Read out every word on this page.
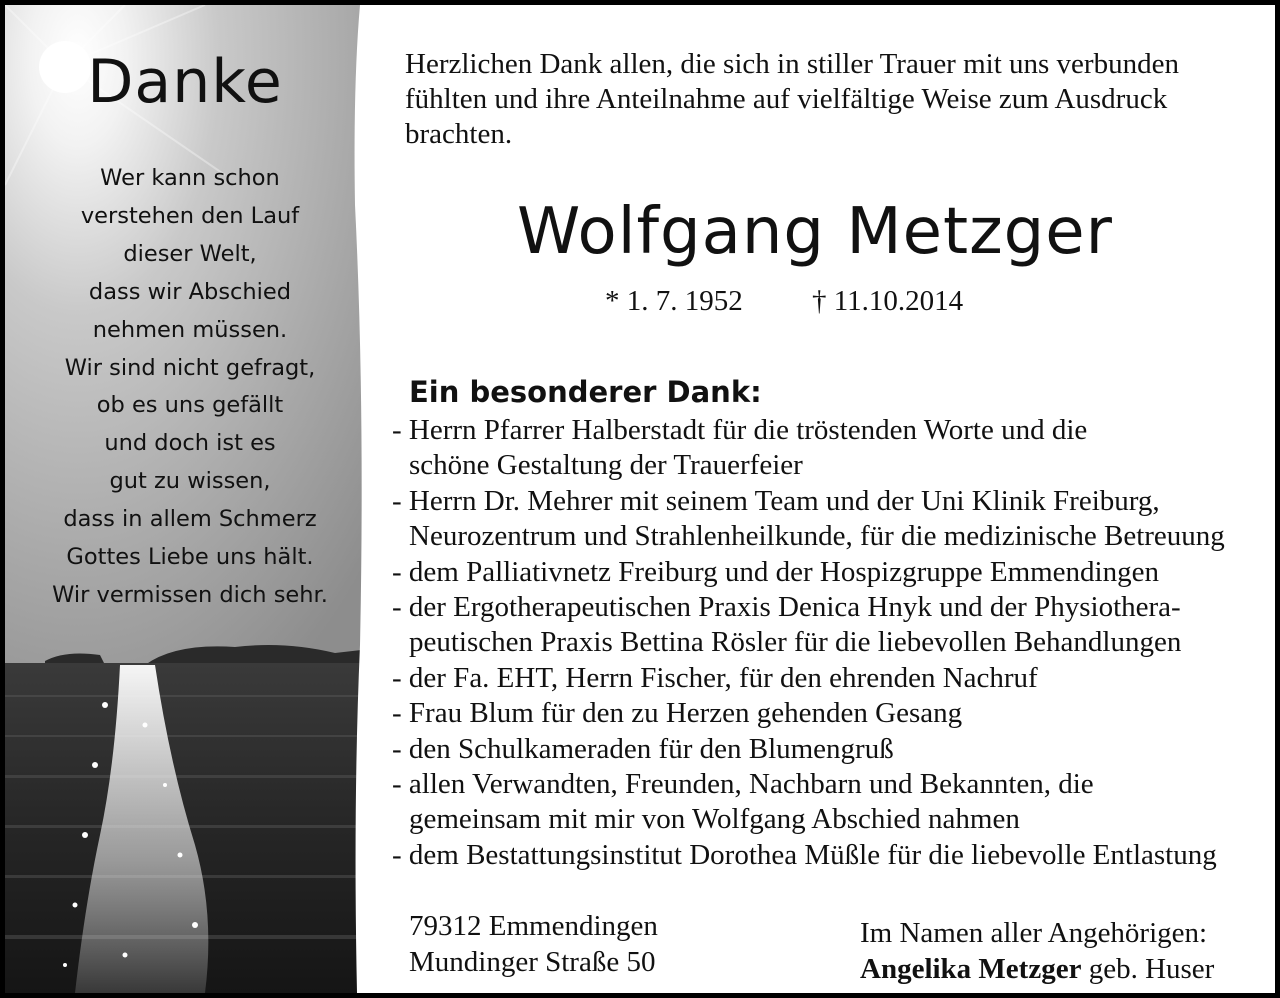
Danke
Wer kann schon
verstehen den Lauf
dieser Welt,
dass wir Abschied
nehmen müssen.
Wir sind nicht gefragt,
ob es uns gefällt
und doch ist es
gut zu wissen,
dass in allem Schmerz
Gottes Liebe uns hält.
Wir vermissen dich sehr.
Herzlichen Dank allen, die sich in stiller Trauer mit uns verbunden
fühlten und ihre Anteilnahme auf vielfältige Weise zum Ausdruck
brachten.
Wolfgang Metzger
* 1. 7. 1952 † 11.10.2014
Ein besonderer Dank:
- Herrn Pfarrer Halberstadt für die tröstenden Worte und die
schöne Gestaltung der Trauerfeier
- Herrn Dr. Mehrer mit seinem Team und der Uni Klinik Freiburg,
Neurozentrum und Strahlenheilkunde, für die medizinische Betreuung
- dem Palliativnetz Freiburg und der Hospizgruppe Emmendingen
- der Ergotherapeutischen Praxis Denica Hnyk und der Physiothera-
peutischen Praxis Bettina Rösler für die liebevollen Behandlungen
- der Fa. EHT, Herrn Fischer, für den ehrenden Nachruf
- Frau Blum für den zu Herzen gehenden Gesang
- den Schulkameraden für den Blumengruß
- allen Verwandten, Freunden, Nachbarn und Bekannten, die
gemeinsam mit mir von Wolfgang Abschied nahmen
- dem Bestattungsinstitut Dorothea Müßle für die liebevolle Entlastung
79312 Emmendingen
Mundinger Straße 50
Im Namen aller Angehörigen:
Angelika Metzger geb. Huser
